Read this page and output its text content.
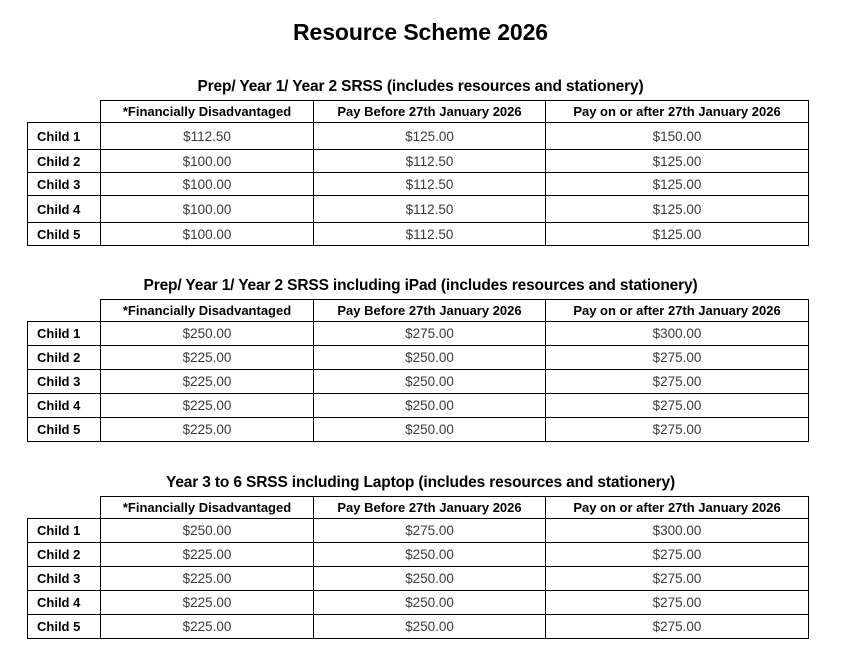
Resource Scheme 2026
Prep/ Year 1/ Year 2 SRSS (includes resources and stationery)
	*Financially Disadvantaged	Pay Before 27th January 2026	Pay on or after 27th January 2026
Child 1	$112.50	$125.00	$150.00
Child 2	$100.00	$112.50	$125.00
Child 3	$100.00	$112.50	$125.00
Child 4	$100.00	$112.50	$125.00
Child 5	$100.00	$112.50	$125.00
Prep/ Year 1/ Year 2 SRSS including iPad (includes resources and stationery)
	*Financially Disadvantaged	Pay Before 27th January 2026	Pay on or after 27th January 2026
Child 1	$250.00	$275.00	$300.00
Child 2	$225.00	$250.00	$275.00
Child 3	$225.00	$250.00	$275.00
Child 4	$225.00	$250.00	$275.00
Child 5	$225.00	$250.00	$275.00
Year 3 to 6 SRSS including Laptop (includes resources and stationery)
	*Financially Disadvantaged	Pay Before 27th January 2026	Pay on or after 27th January 2026
Child 1	$250.00	$275.00	$300.00
Child 2	$225.00	$250.00	$275.00
Child 3	$225.00	$250.00	$275.00
Child 4	$225.00	$250.00	$275.00
Child 5	$225.00	$250.00	$275.00
